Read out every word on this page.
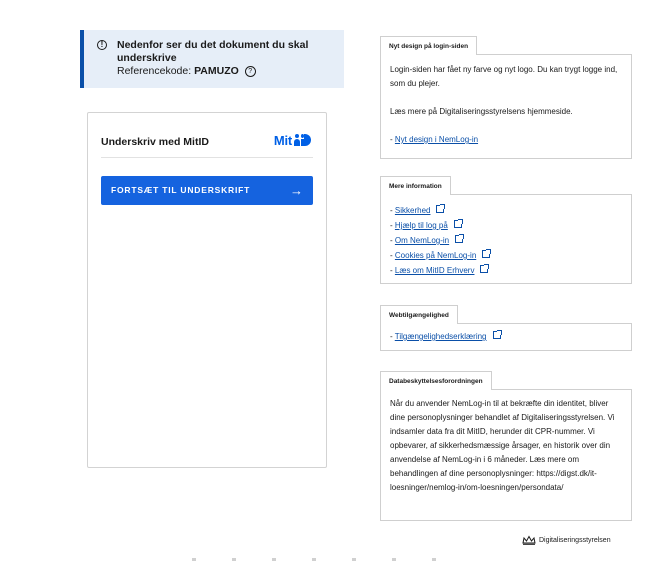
!	Nedenfor ser du det dokument du skal underskrive
Referencekode: PAMUZO ?
Underskriv med MitID	Mit
FORTSÆT TIL UNDERSKRIFT	→
Nyt design på login-siden

Login-siden har fået ny farve og nyt logo. Du kan trygt logge ind, som du plejer.

Læs mere på Digitaliseringsstyrelsens hjemmeside.

- Nyt design i NemLog-in

Mere information
- Sikkerhed
- Hjælp til log på
- Om NemLog-in
- Cookies på NemLog-in
- Læs om MitID Erhverv
Webtilgængelighed
- Tilgængelighedserklæring
Databeskyttelsesforordningen

Når du anvender NemLog-in til at bekræfte din identitet, bliver dine personoplysninger behandlet af Digitaliseringsstyrelsen. Vi indsamler data fra dit MitID, herunder dit CPR-nummer. Vi opbevarer, af sikkerhedsmæssige årsager, en historik over din anvendelse af NemLog-in i 6 måneder. Læs mere om behandlingen af dine personoplysninger: https://digst.dk/it-loesninger/nemlog-in/om-loesningen/persondata/

Digitaliseringsstyrelsen
